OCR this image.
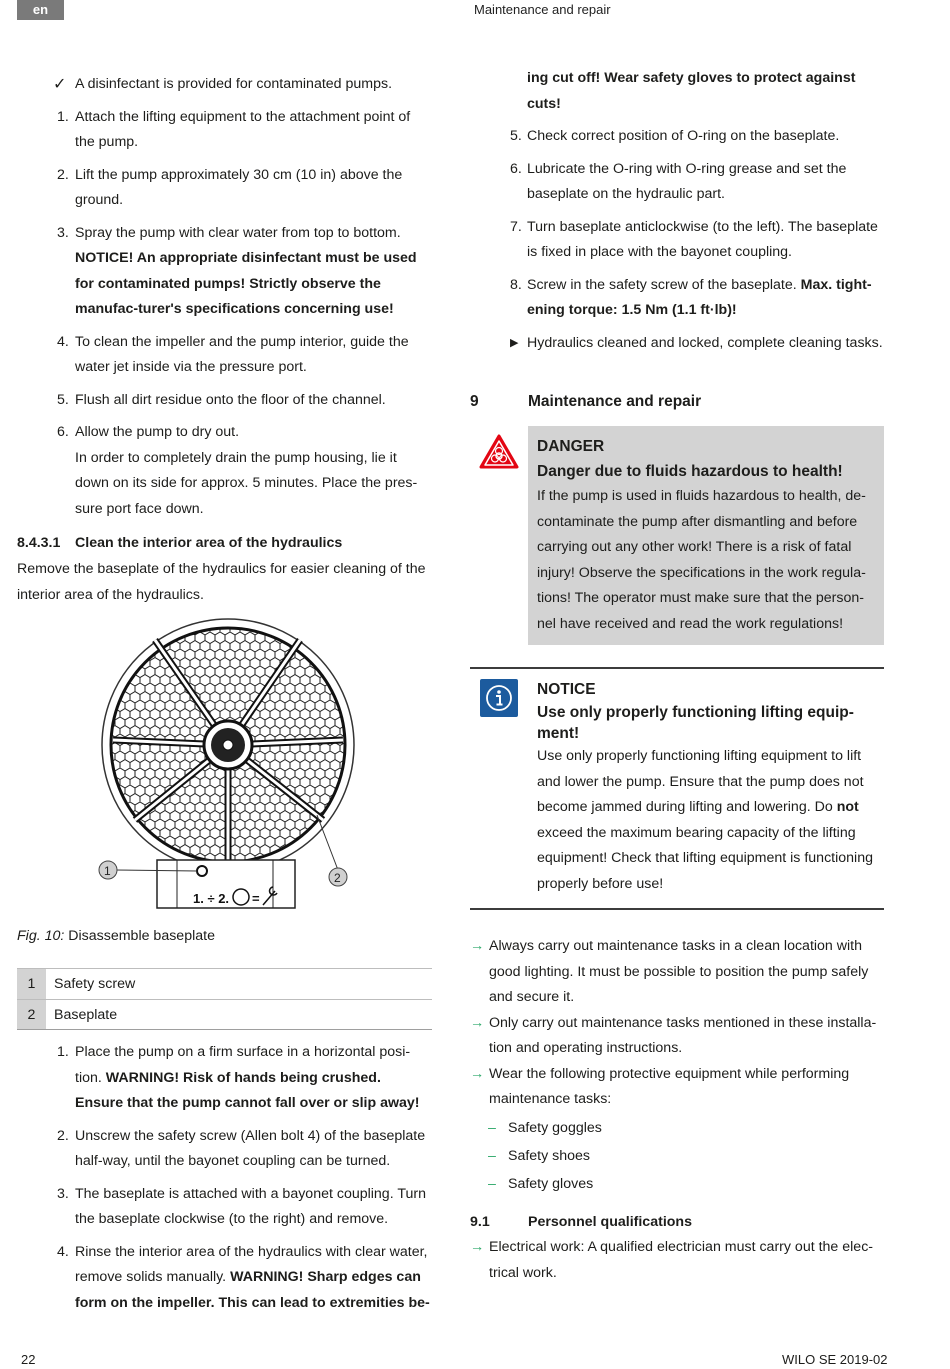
en	Maintenance and repair
✓ A disinfectant is provided for contaminated pumps.
1. Attach the lifting equipment to the attachment point of the pump.
2. Lift the pump approximately 30 cm (10 in) above the ground.
3. Spray the pump with clear water from top to bottom. NOTICE! An appropriate disinfectant must be used for contaminated pumps! Strictly observe the manufac-turer's specifications concerning use!
4. To clean the impeller and the pump interior, guide the water jet inside via the pressure port.
5. Flush all dirt residue onto the floor of the channel.
6. Allow the pump to dry out.
In order to completely drain the pump housing, lie it down on its side for approx. 5 minutes. Place the pres-sure port face down.
8.4.3.1 Clean the interior area of the hydraulics
Remove the baseplate of the hydraulics for easier cleaning of the interior area of the hydraulics.
1. ÷ 2. =
1	2
Fig. 10: Disassemble baseplate
1	Safety screw
2	Baseplate
1. Place the pump on a firm surface in a horizontal posi-tion. WARNING! Risk of hands being crushed. Ensure that the pump cannot fall over or slip away!
2. Unscrew the safety screw (Allen bolt 4) of the baseplate half-way, until the bayonet coupling can be turned.
3. The baseplate is attached with a bayonet coupling. Turn the baseplate clockwise (to the right) and remove.
4. Rinse the interior area of the hydraulics with clear water, remove solids manually. WARNING! Sharp edges can form on the impeller. This can lead to extremities be-
ing cut off! Wear safety gloves to protect against cuts!
5. Check correct position of O-ring on the baseplate.
6. Lubricate the O-ring with O-ring grease and set the baseplate on the hydraulic part.
7. Turn baseplate anticlockwise (to the left). The baseplate is fixed in place with the bayonet coupling.
8. Screw in the safety screw of the baseplate. Max. tight-ening torque: 1.5 Nm (1.1 ft·lb)!
▶ Hydraulics cleaned and locked, complete cleaning tasks.
9	Maintenance and repair
DANGER
Danger due to fluids hazardous to health!
If the pump is used in fluids hazardous to health, de-contaminate the pump after dismantling and before carrying out any other work! There is a risk of fatal injury! Observe the specifications in the work regula-tions! The operator must make sure that the person-nel have received and read the work regulations!
NOTICE
Use only properly functioning lifting equip-ment!
Use only properly functioning lifting equipment to lift and lower the pump. Ensure that the pump does not become jammed during lifting and lowering. Do not exceed the maximum bearing capacity of the lifting equipment! Check that lifting equipment is functioning properly before use!
→ Always carry out maintenance tasks in a clean location with good lighting. It must be possible to position the pump safely and secure it.
→ Only carry out maintenance tasks mentioned in these installa-tion and operating instructions.
→ Wear the following protective equipment while performing maintenance tasks:
– Safety goggles
– Safety shoes
– Safety gloves
9.1	Personnel qualifications
→ Electrical work: A qualified electrician must carry out the elec-trical work.
22	WILO SE 2019-02
